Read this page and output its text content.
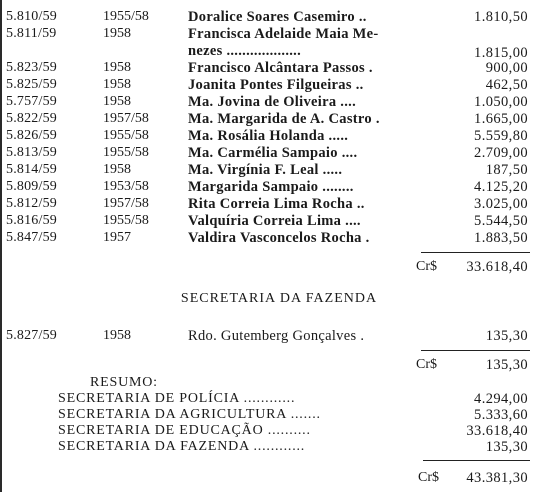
5.810/59	1955/58	Doralice Soares Casemiro ..	1.810,50
5.811/59	1958	Francisca Adelaide Maia Me-
nezes ...................	1.815,00
5.823/59	1958	Francisco Alcântara Passos .	900,00
5.825/59	1958	Joanita Pontes Filgueiras ..	462,50
5.757/59	1958	Ma. Jovina de Oliveira ....	1.050,00
5.822/59	1957/58	Ma. Margarida de A. Castro .	1.665,00
5.826/59	1955/58	Ma. Rosália Holanda .....	5.559,80
5.813/59	1955/58	Ma. Carmélia Sampaio ....	2.709,00
5.814/59	1958	Ma. Virgínia F. Leal .....	187,50
5.809/59	1953/58	Margarida Sampaio ........	4.125,20
5.812/59	1957/58	Rita Correia Lima Rocha ..	3.025,00
5.816/59	1955/58	Valquíria Correia Lima ....	5.544,50
5.847/59	1957	Valdira Vasconcelos Rocha .	1.883,50
Cr$ 33.618,40
SECRETARIA DA FAZENDA
5.827/59	1958	Rdo. Gutemberg Gonçalves .	135,30
Cr$	135,30
RESUMO:
SECRETARIA DE POLÍCIA ............	4.294,00
SECRETARIA DA AGRICULTURA .......	5.333,60
SECRETARIA DE EDUCAÇÃO ..........	33.618,40
SECRETARIA DA FAZENDA ............	135,30
Cr$ 43.381,30
